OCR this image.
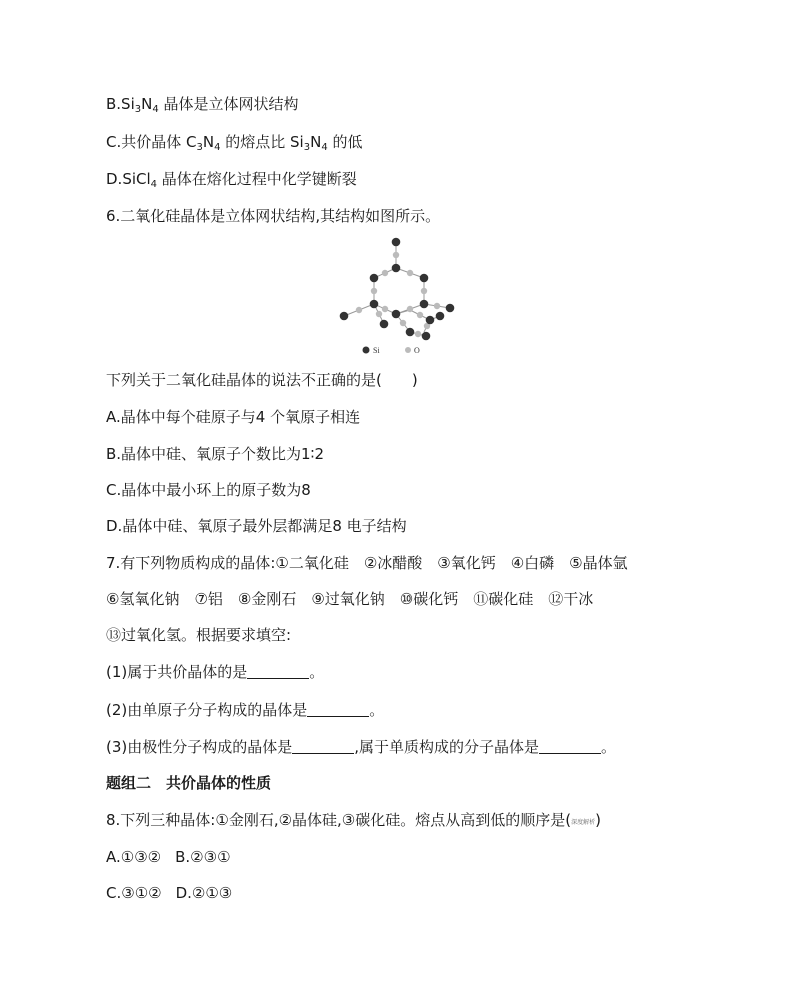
$B.Si_3N_4$ 晶体是立体网状结构
C.共价晶体 $C_3N_4$ 的熔点比 $Si_3N_4$ 的低
D.SiCl$_4$ 晶体在熔化过程中化学键断裂
6.二氧化硅晶体是立体网状结构,其结构如图所示。
Si	O
下列关于二氧化硅晶体的说法不正确的是(　　)
A.晶体中每个硅原子与4 个氧原子相连
B.晶体中硅、氧原子个数比为1∶2
C.晶体中最小环上的原子数为8
D.晶体中硅、氧原子最外层都满足8 电子结构
7.有下列物质构成的晶体:①二氧化硅　②冰醋酸　③氧化钙　④白磷　⑤晶体氩
⑥氢氧化钠　⑦铝　⑧金刚石　⑨过氧化钠　⑩碳化钙　⑪碳化硅　⑫干冰
⑬过氧化氢。根据要求填空:
(1)属于共价晶体的是	。
(2)由单原子分子构成的晶体是	。
(3)由极性分子构成的晶体是	,属于单质构成的分子晶体是	。
题组二　共价晶体的性质
8.下列三种晶体:①金刚石,②晶体硅,③碳化硅。熔点从高到低的顺序是(深度解析)
A.①③② B.②③①
C.③①② D.②①③
